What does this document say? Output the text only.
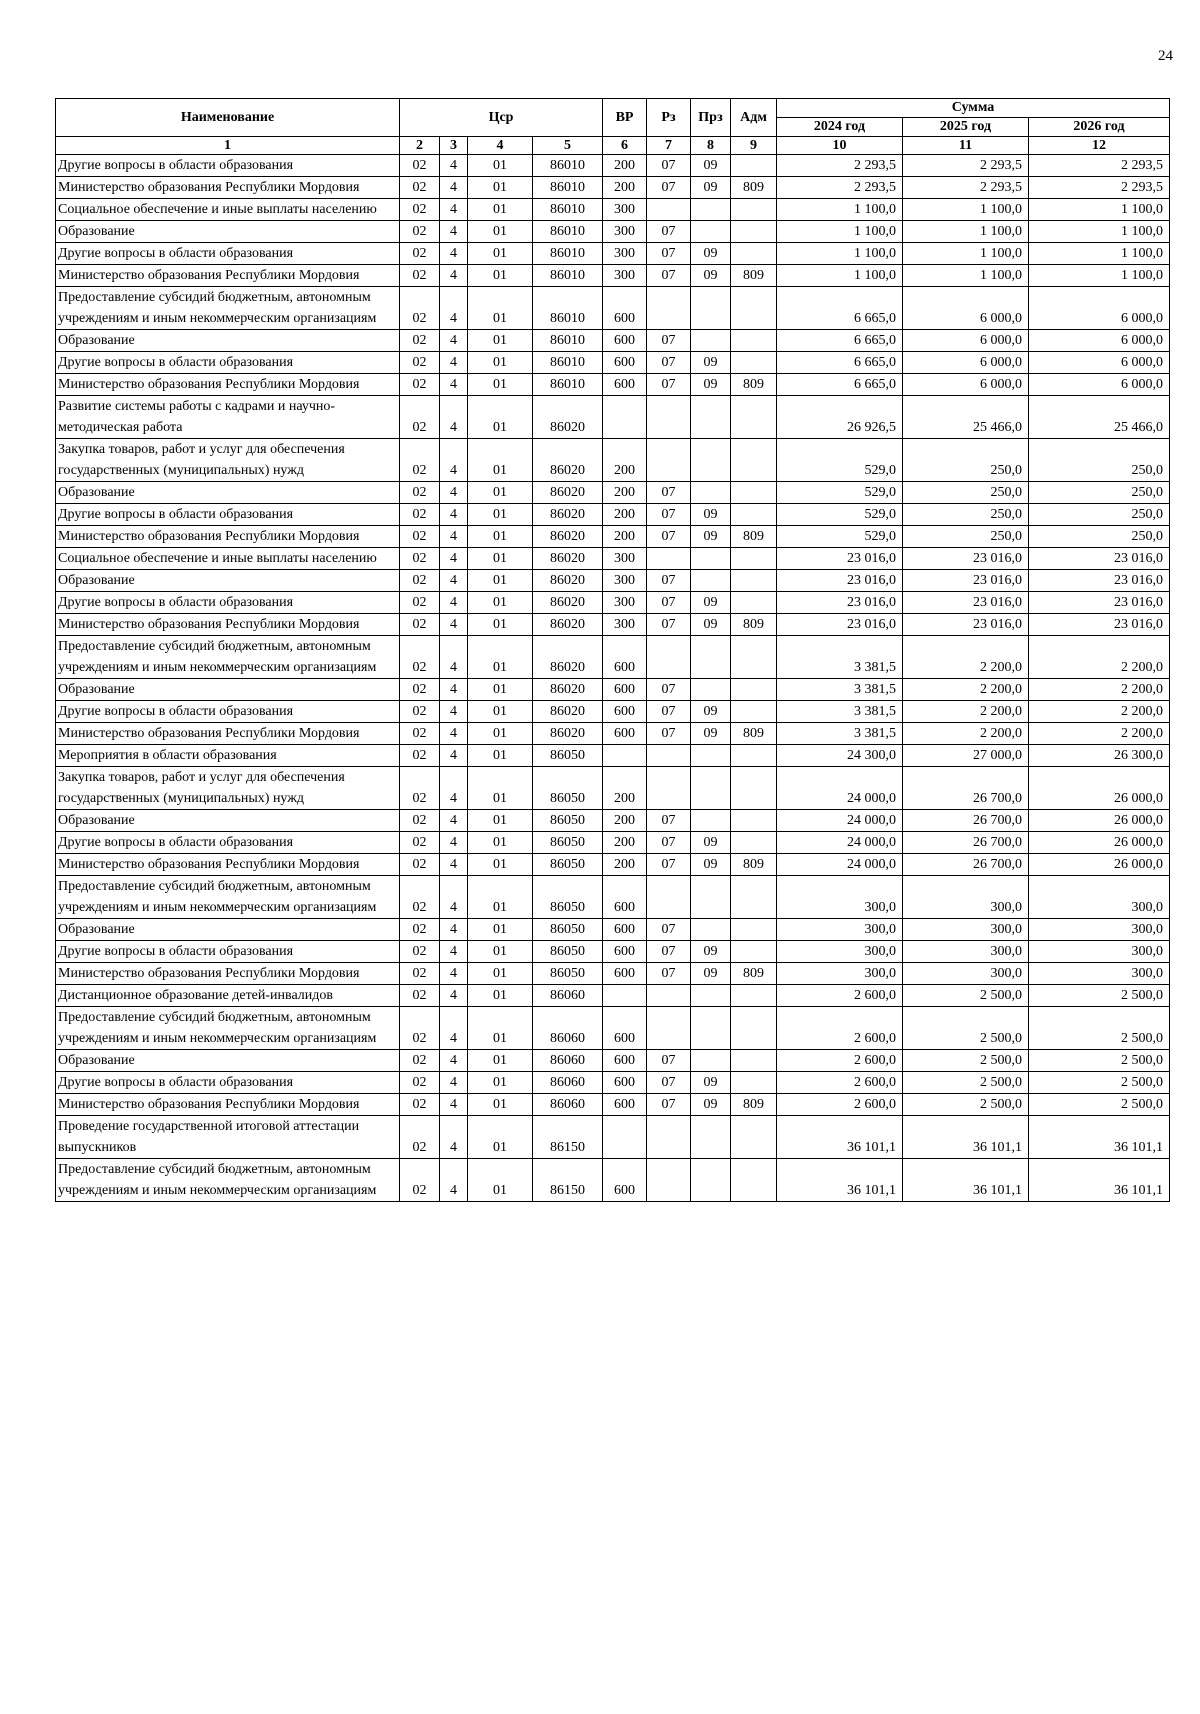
24
Наименование	Цср				ВР	Рз	Прз	Адм	Сумма		
									2024 год	2025 год	2026 год
1	2	3	4	5	6	7	8	9	10	11	12
Другие вопросы в области образования	02	4	01	86010	200	07	09		2 293,5	2 293,5	2 293,5
Министерство образования Республики Мордовия	02	4	01	86010	200	07	09	809	2 293,5	2 293,5	2 293,5
Социальное обеспечение и иные выплаты населению	02	4	01	86010	300				1 100,0	1 100,0	1 100,0
Образование	02	4	01	86010	300	07			1 100,0	1 100,0	1 100,0
Другие вопросы в области образования	02	4	01	86010	300	07	09		1 100,0	1 100,0	1 100,0
Министерство образования Республики Мордовия	02	4	01	86010	300	07	09	809	1 100,0	1 100,0	1 100,0
Предоставление субсидий бюджетным, автономным учреждениям и иным некоммерческим организациям	02	4	01	86010	600				6 665,0	6 000,0	6 000,0
Образование	02	4	01	86010	600	07			6 665,0	6 000,0	6 000,0
Другие вопросы в области образования	02	4	01	86010	600	07	09		6 665,0	6 000,0	6 000,0
Министерство образования Республики Мордовия	02	4	01	86010	600	07	09	809	6 665,0	6 000,0	6 000,0
Развитие системы работы с кадрами и научно-методическая работа	02	4	01	86020					26 926,5	25 466,0	25 466,0
Закупка товаров, работ и услуг для обеспечения государственных (муниципальных) нужд	02	4	01	86020	200				529,0	250,0	250,0
Образование	02	4	01	86020	200	07			529,0	250,0	250,0
Другие вопросы в области образования	02	4	01	86020	200	07	09		529,0	250,0	250,0
Министерство образования Республики Мордовия	02	4	01	86020	200	07	09	809	529,0	250,0	250,0
Социальное обеспечение и иные выплаты населению	02	4	01	86020	300				23 016,0	23 016,0	23 016,0
Образование	02	4	01	86020	300	07			23 016,0	23 016,0	23 016,0
Другие вопросы в области образования	02	4	01	86020	300	07	09		23 016,0	23 016,0	23 016,0
Министерство образования Республики Мордовия	02	4	01	86020	300	07	09	809	23 016,0	23 016,0	23 016,0
Предоставление субсидий бюджетным, автономным учреждениям и иным некоммерческим организациям	02	4	01	86020	600				3 381,5	2 200,0	2 200,0
Образование	02	4	01	86020	600	07			3 381,5	2 200,0	2 200,0
Другие вопросы в области образования	02	4	01	86020	600	07	09		3 381,5	2 200,0	2 200,0
Министерство образования Республики Мордовия	02	4	01	86020	600	07	09	809	3 381,5	2 200,0	2 200,0
Мероприятия в области образования	02	4	01	86050					24 300,0	27 000,0	26 300,0
Закупка товаров, работ и услуг для обеспечения государственных (муниципальных) нужд	02	4	01	86050	200				24 000,0	26 700,0	26 000,0
Образование	02	4	01	86050	200	07			24 000,0	26 700,0	26 000,0
Другие вопросы в области образования	02	4	01	86050	200	07	09		24 000,0	26 700,0	26 000,0
Министерство образования Республики Мордовия	02	4	01	86050	200	07	09	809	24 000,0	26 700,0	26 000,0
Предоставление субсидий бюджетным, автономным учреждениям и иным некоммерческим организациям	02	4	01	86050	600				300,0	300,0	300,0
Образование	02	4	01	86050	600	07			300,0	300,0	300,0
Другие вопросы в области образования	02	4	01	86050	600	07	09		300,0	300,0	300,0
Министерство образования Республики Мордовия	02	4	01	86050	600	07	09	809	300,0	300,0	300,0
Дистанционное образование детей-инвалидов	02	4	01	86060					2 600,0	2 500,0	2 500,0
Предоставление субсидий бюджетным, автономным учреждениям и иным некоммерческим организациям	02	4	01	86060	600				2 600,0	2 500,0	2 500,0
Образование	02	4	01	86060	600	07			2 600,0	2 500,0	2 500,0
Другие вопросы в области образования	02	4	01	86060	600	07	09		2 600,0	2 500,0	2 500,0
Министерство образования Республики Мордовия	02	4	01	86060	600	07	09	809	2 600,0	2 500,0	2 500,0
Проведение государственной итоговой аттестации выпускников	02	4	01	86150					36 101,1	36 101,1	36 101,1
Предоставление субсидий бюджетным, автономным учреждениям и иным некоммерческим организациям	02	4	01	86150	600				36 101,1	36 101,1	36 101,1
